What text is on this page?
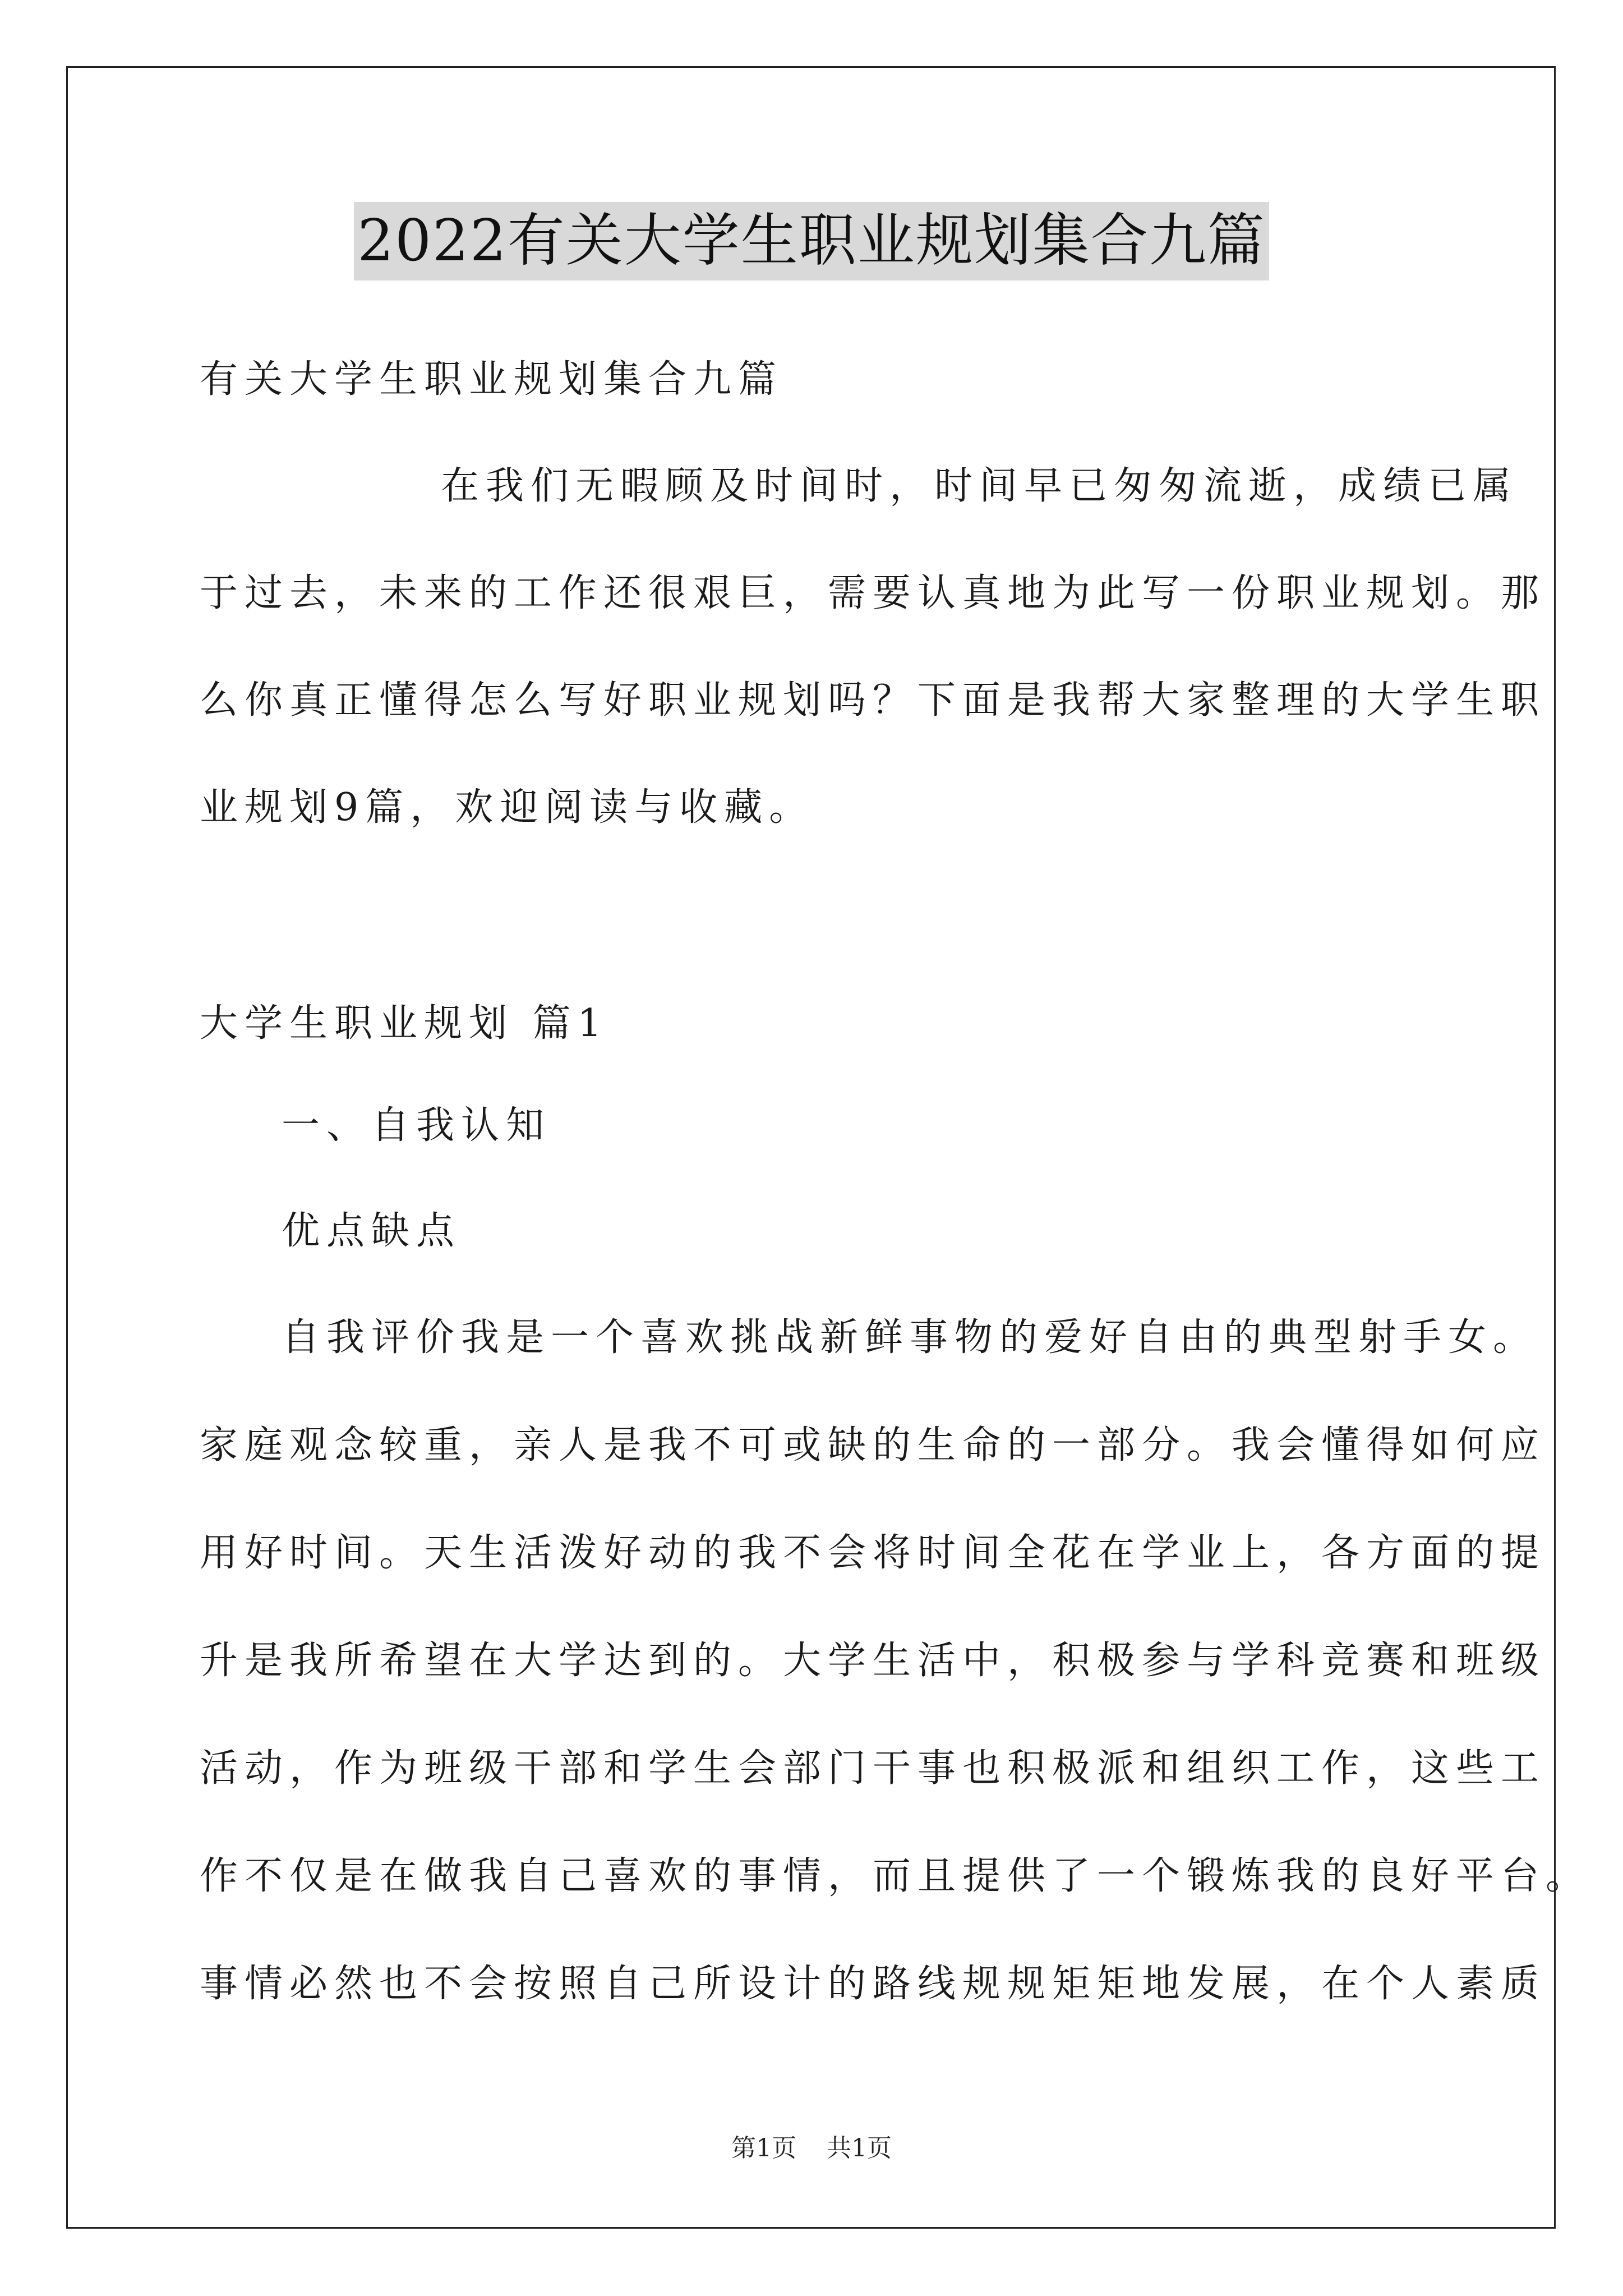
2022有关大学生职业规划集合九篇
有关大学生职业规划集合九篇
在我们无暇顾及时间时，时间早已匆匆流逝，成绩已属
于过去，未来的工作还很艰巨，需要认真地为此写一份职业规划。那
么你真正懂得怎么写好职业规划吗？下面是我帮大家整理的大学生职
业规划9篇，欢迎阅读与收藏。
大学生职业规划 篇1
一、自我认知
优点缺点
自我评价我是一个喜欢挑战新鲜事物的爱好自由的典型射手女。
家庭观念较重，亲人是我不可或缺的生命的一部分。我会懂得如何应
用好时间。天生活泼好动的我不会将时间全花在学业上，各方面的提
升是我所希望在大学达到的。大学生活中，积极参与学科竞赛和班级
活动，作为班级干部和学生会部门干事也积极派和组织工作，这些工
作不仅是在做我自己喜欢的事情，而且提供了一个锻炼我的良好平台。
事情必然也不会按照自己所设计的路线规规矩矩地发展，在个人素质
第1页 共1页
